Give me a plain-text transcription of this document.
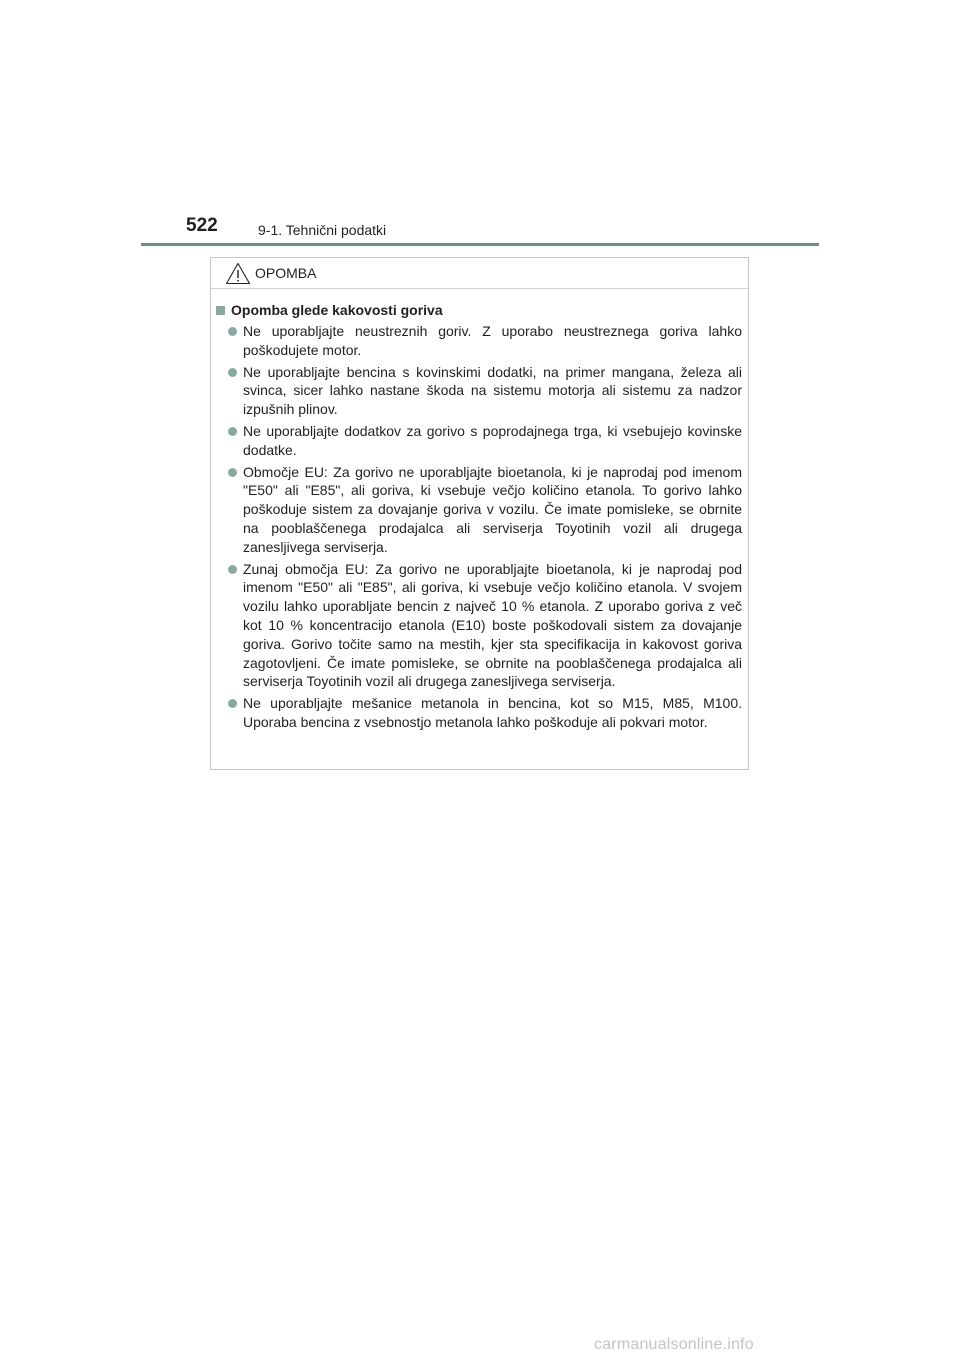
522	9-1. Tehnični podatki
OPOMBA
Opomba glede kakovosti goriva
Ne uporabljajte neustreznih goriv. Z uporabo neustreznega goriva lahko poškodujete motor.
Ne uporabljajte bencina s kovinskimi dodatki, na primer mangana, železa ali svinca, sicer lahko nastane škoda na sistemu motorja ali sistemu za nadzor izpušnih plinov.
Ne uporabljajte dodatkov za gorivo s poprodajnega trga, ki vsebujejo kovinske dodatke.
Območje EU: Za gorivo ne uporabljajte bioetanola, ki je naprodaj pod imenom "E50" ali "E85", ali goriva, ki vsebuje večjo količino etanola. To gorivo lahko poškoduje sistem za dovajanje goriva v vozilu. Če imate pomisleke, se obrnite na pooblaščenega prodajalca ali serviserja Toyotinih vozil ali drugega zanesljivega serviserja.
Zunaj območja EU: Za gorivo ne uporabljajte bioetanola, ki je naprodaj pod imenom "E50" ali "E85", ali goriva, ki vsebuje večjo količino etanola. V svojem vozilu lahko uporabljate bencin z največ 10 % etanola. Z uporabo goriva z več kot 10 % koncentracijo etanola (E10) boste poškodovali sistem za dovajanje goriva. Gorivo točite samo na mestih, kjer sta specifikacija in kakovost goriva zagotovljeni. Če imate pomisleke, se obrnite na pooblaščenega prodajalca ali serviserja Toyotinih vozil ali drugega zanesljivega serviserja.
Ne uporabljajte mešanice metanola in bencina, kot so M15, M85, M100. Uporaba bencina z vsebnostjo metanola lahko poškoduje ali pokvari motor.
carmanualsonline.info
